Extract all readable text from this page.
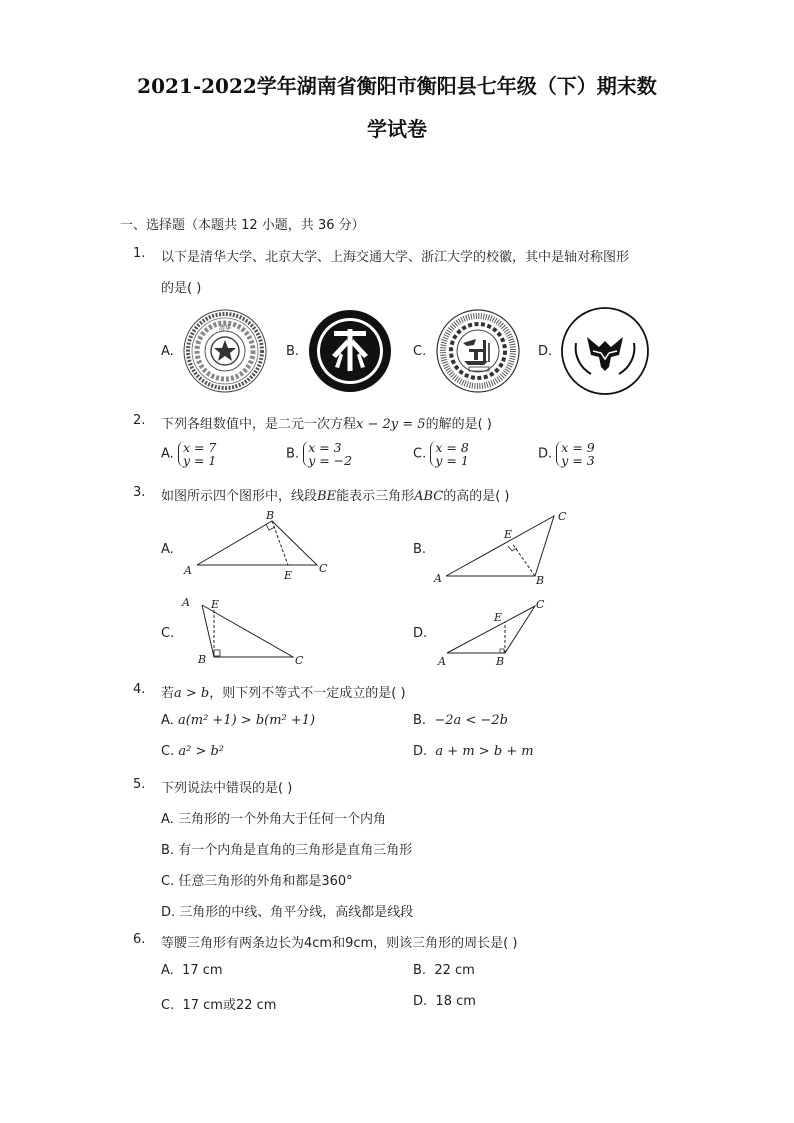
2021-2022学年湖南省衡阳市衡阳县七年级（下）期末数
学试卷
一、选择题（本题共 12 小题，共 36 分）
1. 以下是清华大学、北京大学、上海交通大学、浙江大学的校徽，其中是轴对称图形
的是( )
A.
清华
B.
北大
C.	D.
2. 下列各组数值中，是二元一次方程x − 2y = 5的解的是( )
A. x = 7
y = 1	B. x = 3
y = −2	C. x = 8
y = 1	D. x = 9
y = 3
3. 如图所示四个图形中，线段BE能表示三角形ABC的高的是( )
A.
A
B
C
E
B.
A	B
C
E
C.
A
B	C
E
D.
A	B
C
E
4. 若a > b，则下列不等式不一定成立的是( )
A. a(m² +1) > b(m² +1)	B. −2a < −2b
C. a² > b²	D. a + m > b + m
5. 下列说法中错误的是( )
A. 三角形的一个外角大于任何一个内角
B. 有一个内角是直角的三角形是直角三角形
C. 任意三角形的外角和都是360°
D. 三角形的中线、角平分线，高线都是线段
6. 等腰三角形有两条边长为4cm和9cm，则该三角形的周长是( )
A. 17 cm	B. 22 cm
C. 17 cm或22 cm	D. 18 cm
